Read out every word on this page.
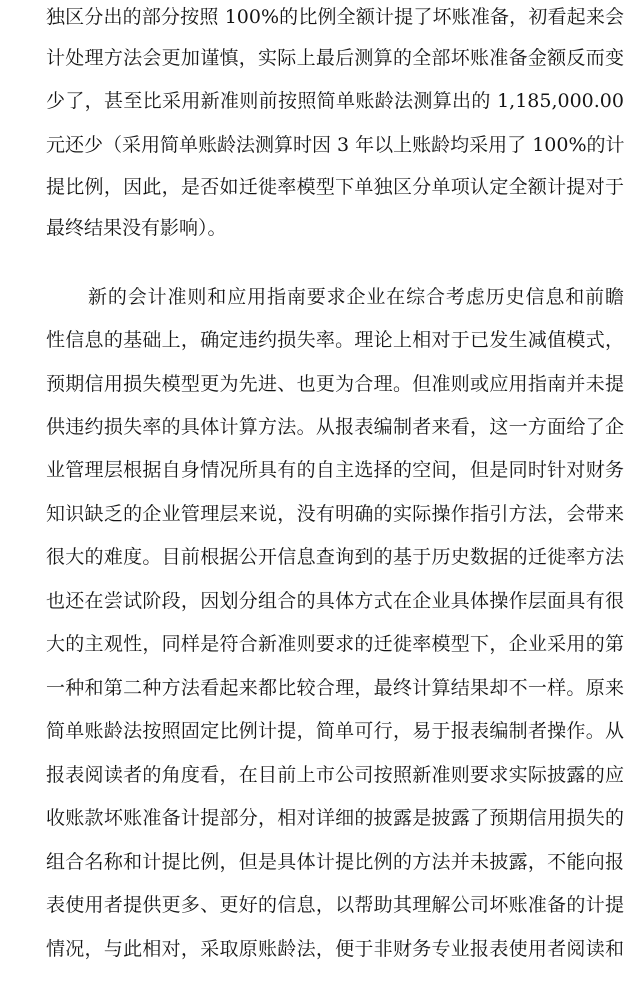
独区分出的部分按照 100%的比例全额计提了坏账准备，初看起来会

计处理方法会更加谨慎，实际上最后测算的全部坏账准备金额反而变

少了，甚至比采用新准则前按照简单账龄法测算出的 1,185,000.00

元还少（采用简单账龄法测算时因 3 年以上账龄均采用了 100%的计

提比例，因此，是否如迁徙率模型下单独区分单项认定全额计提对于

最终结果没有影响）。

新的会计准则和应用指南要求企业在综合考虑历史信息和前瞻

性信息的基础上，确定违约损失率。理论上相对于已发生减值模式，

预期信用损失模型更为先进、也更为合理。但准则或应用指南并未提

供违约损失率的具体计算方法。从报表编制者来看，这一方面给了企

业管理层根据自身情况所具有的自主选择的空间，但是同时针对财务

知识缺乏的企业管理层来说，没有明确的实际操作指引方法，会带来

很大的难度。目前根据公开信息查询到的基于历史数据的迁徙率方法

也还在尝试阶段，因划分组合的具体方式在企业具体操作层面具有很

大的主观性，同样是符合新准则要求的迁徙率模型下，企业采用的第

一种和第二种方法看起来都比较合理，最终计算结果却不一样。原来

简单账龄法按照固定比例计提，简单可行，易于报表编制者操作。从

报表阅读者的角度看，在目前上市公司按照新准则要求实际披露的应

收账款坏账准备计提部分，相对详细的披露是披露了预期信用损失的

组合名称和计提比例，但是具体计提比例的方法并未披露，不能向报

表使用者提供更多、更好的信息，以帮助其理解公司坏账准备的计提

情况，与此相对，采取原账龄法，便于非财务专业报表使用者阅读和
